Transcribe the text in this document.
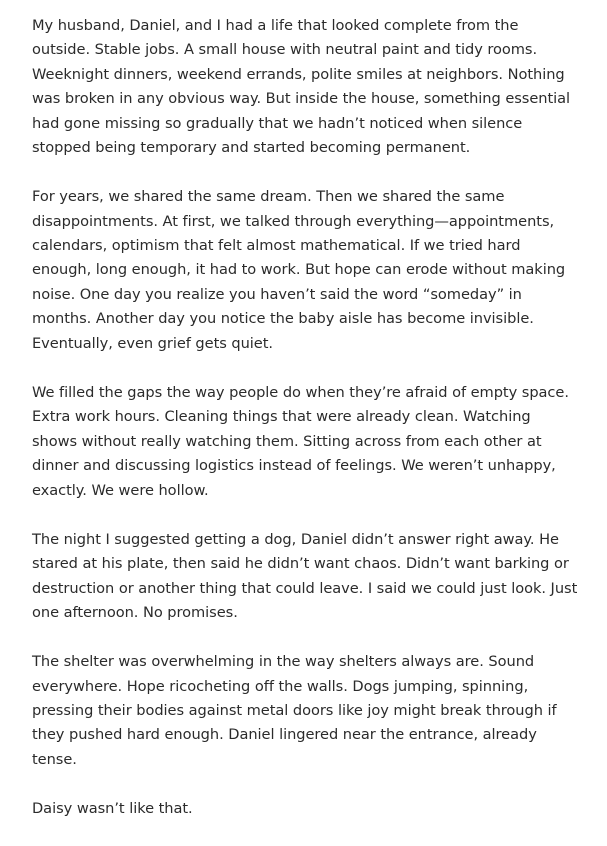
My husband, Daniel, and I had a life that looked complete from the outside. Stable jobs. A small house with neutral paint and tidy rooms. Weeknight dinners, weekend errands, polite smiles at neighbors. Nothing was broken in any obvious way. But inside the house, something essential had gone missing so gradually that we hadn’t noticed when silence stopped being temporary and started becoming permanent.

For years, we shared the same dream. Then we shared the same disappointments. At first, we talked through everything—appointments, calendars, optimism that felt almost mathematical. If we tried hard enough, long enough, it had to work. But hope can erode without making noise. One day you realize you haven’t said the word “someday” in months. Another day you notice the baby aisle has become invisible. Eventually, even grief gets quiet.

We filled the gaps the way people do when they’re afraid of empty space. Extra work hours. Cleaning things that were already clean. Watching shows without really watching them. Sitting across from each other at dinner and discussing logistics instead of feelings. We weren’t unhappy, exactly. We were hollow.

The night I suggested getting a dog, Daniel didn’t answer right away. He stared at his plate, then said he didn’t want chaos. Didn’t want barking or destruction or another thing that could leave. I said we could just look. Just one afternoon. No promises.

The shelter was overwhelming in the way shelters always are. Sound everywhere. Hope ricocheting off the walls. Dogs jumping, spinning, pressing their bodies against metal doors like joy might break through if they pushed hard enough. Daniel lingered near the entrance, already tense.

Daisy wasn’t like that.
